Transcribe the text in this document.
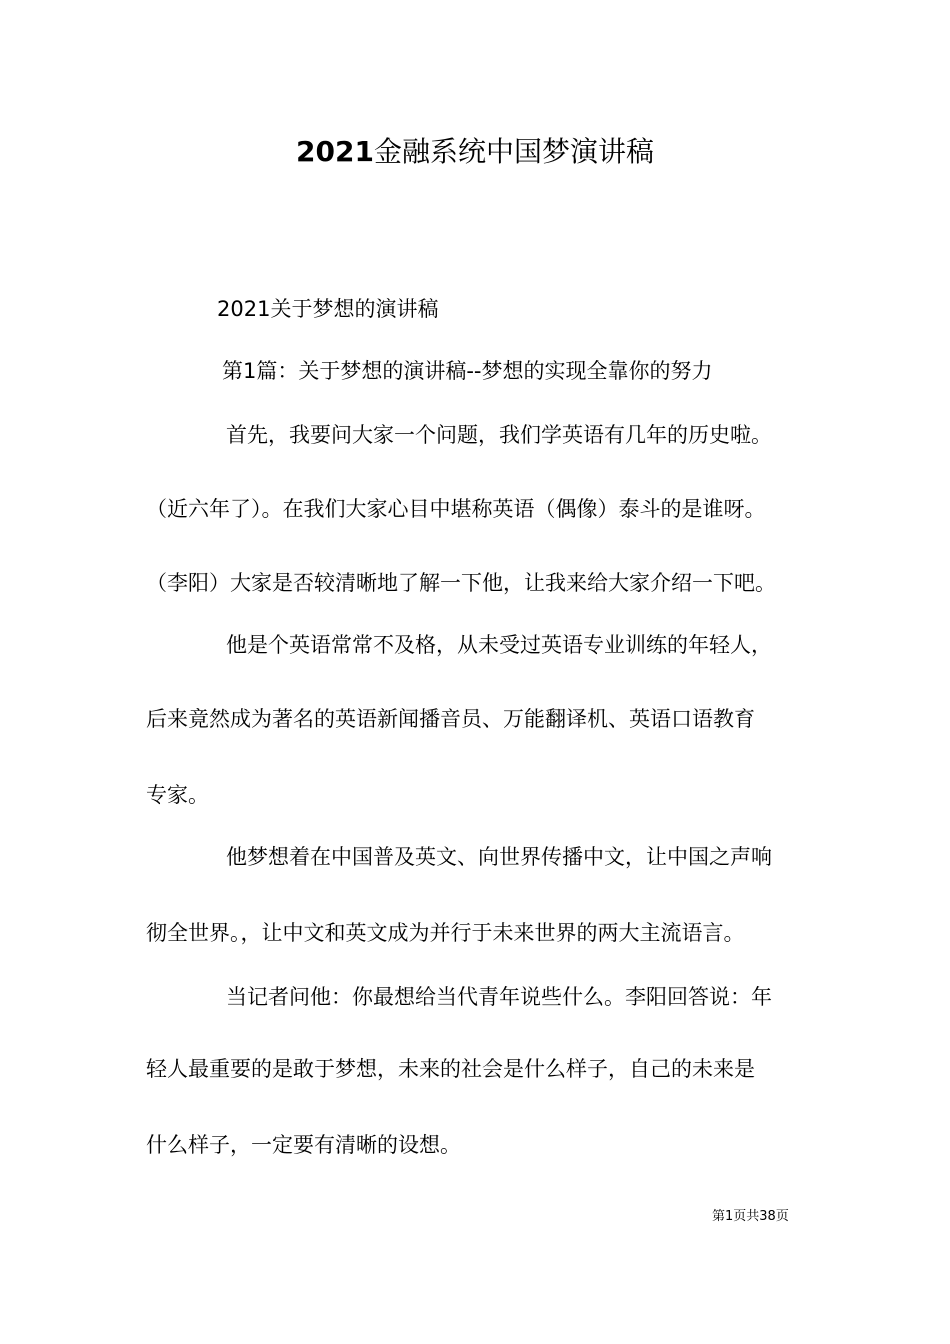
2021金融系统中国梦演讲稿
2021关于梦想的演讲稿
第1篇：关于梦想的演讲稿--梦想的实现全靠你的努力
首先，我要问大家一个问题，我们学英语有几年的历史啦。
（近六年了）。在我们大家心目中堪称英语（偶像）泰斗的是谁呀。
（李阳）大家是否较清晰地了解一下他，让我来给大家介绍一下吧。
他是个英语常常不及格，从未受过英语专业训练的年轻人，
后来竟然成为著名的英语新闻播音员、万能翻译机、英语口语教育
专家。
他梦想着在中国普及英文、向世界传播中文，让中国之声响
彻全世界。，让中文和英文成为并行于未来世界的两大主流语言。
当记者问他：你最想给当代青年说些什么。李阳回答说：年
轻人最重要的是敢于梦想，未来的社会是什么样子，自己的未来是
什么样子，一定要有清晰的设想。
第1页共38页
